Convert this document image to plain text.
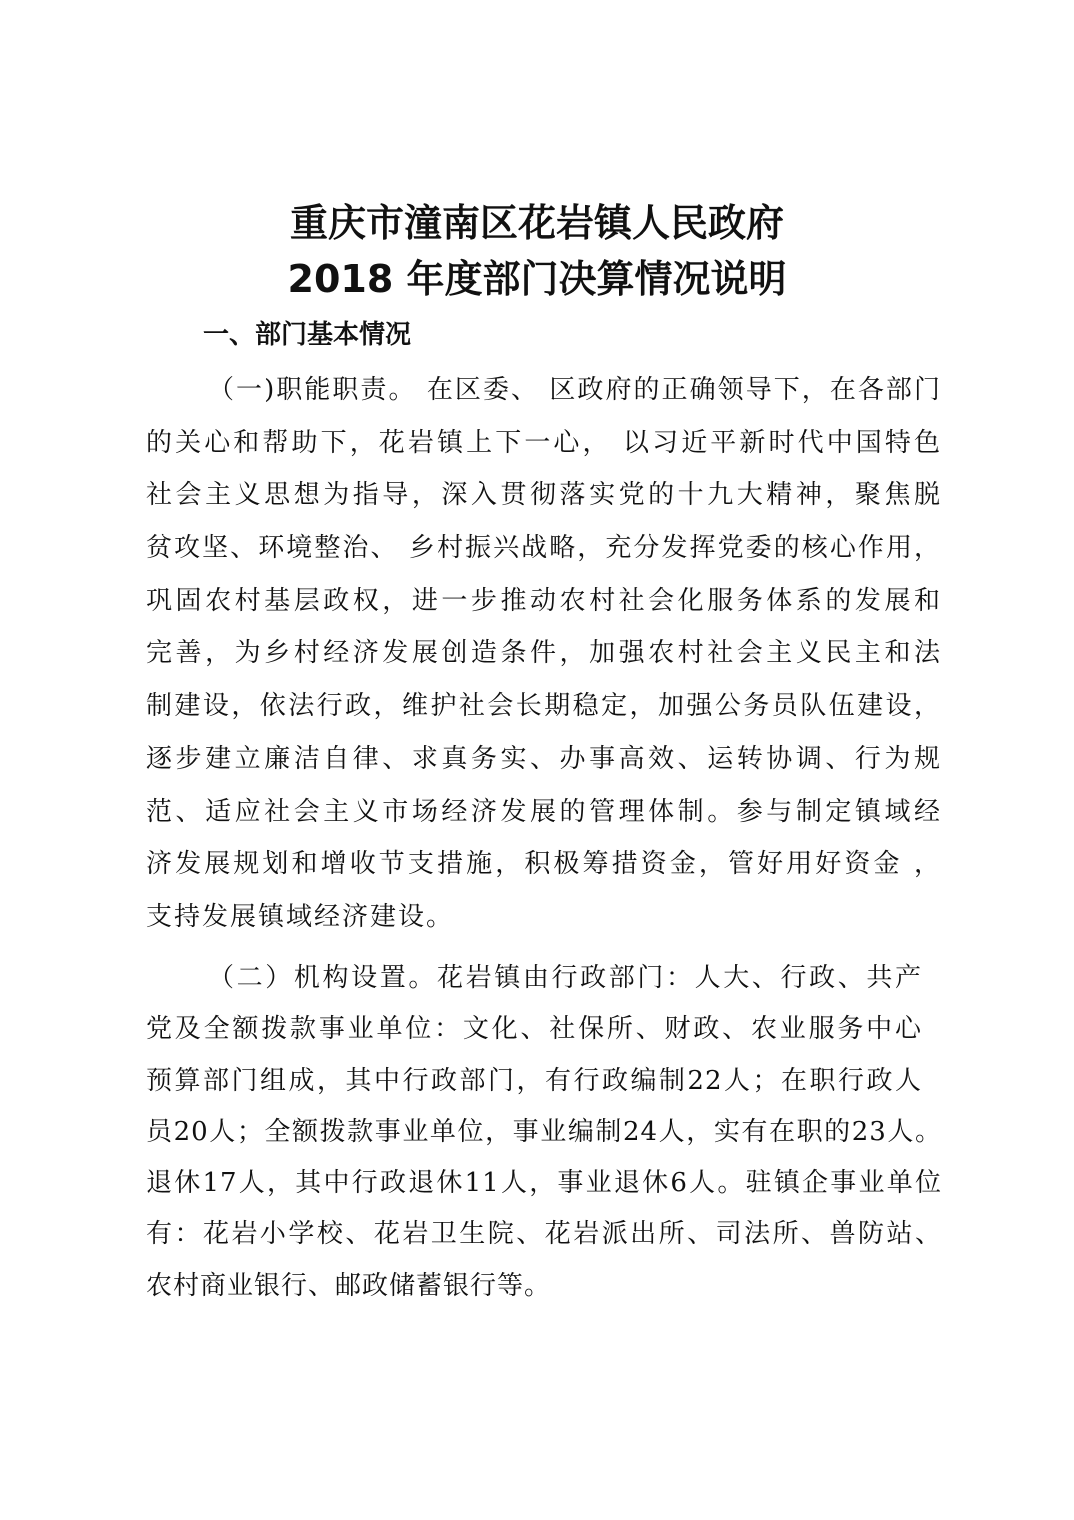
重庆市潼南区花岩镇人民政府
2018 年度部门决算情况说明
一、部门基本情况
（一)职能职责。 在区委、 区政府的正确领导下，在各部门
的关心和帮助下，花岩镇上下一心， 以习近平新时代中国特色
社会主义思想为指导，深入贯彻落实党的十九大精神，聚焦脱
贫攻坚、环境整治、 乡村振兴战略，充分发挥党委的核心作用，
巩固农村基层政权，进一步推动农村社会化服务体系的发展和
完善，为乡村经济发展创造条件，加强农村社会主义民主和法
制建设，依法行政，维护社会长期稳定，加强公务员队伍建设，
逐步建立廉洁自律、求真务实、办事高效、运转协调、行为规
范、适应社会主义市场经济发展的管理体制。参与制定镇域经
济发展规划和增收节支措施，积极筹措资金，管好用好资金 ，
支持发展镇域经济建设。
（二）机构设置。花岩镇由行政部门：人大、行政、共产
党及全额拨款事业单位：文化、社保所、财政、农业服务中心
预算部门组成，其中行政部门，有行政编制22人；在职行政人
员20人；全额拨款事业单位，事业编制24人，实有在职的23人。
退休17人，其中行政退休11人，事业退休6人。驻镇企事业单位
有：花岩小学校、花岩卫生院、花岩派出所、司法所、兽防站、
农村商业银行、邮政储蓄银行等。
